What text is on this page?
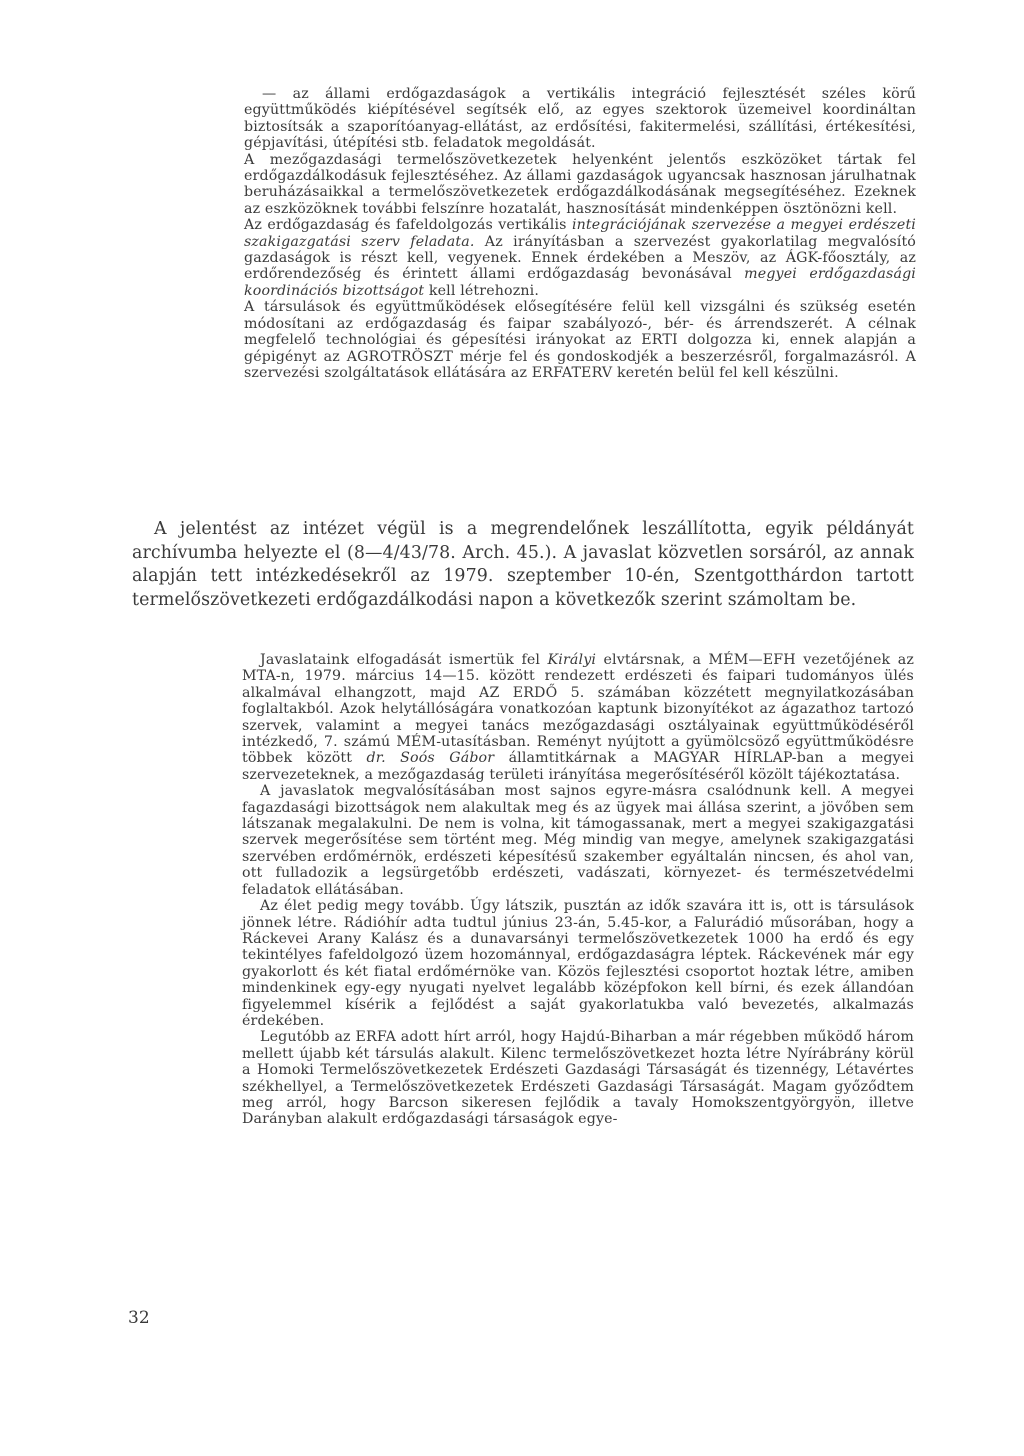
— az állami erdőgazdaságok a vertikális integráció fejlesztését széles körű együttműködés kiépítésével segítsék elő, az egyes szektorok üzemeivel koordináltan biztosítsák a szaporítóanyag-ellátást, az erdősítési, fakitermelési, szállítási, értékesítési, gépjavítási, útépítési stb. feladatok megoldását.

A mezőgazdasági termelőszövetkezetek helyenként jelentős eszközöket tártak fel erdőgazdálkodásuk fejlesztéséhez. Az állami gazdaságok ugyancsak hasznosan járulhatnak beruházásaikkal a termelőszövetkezetek erdőgazdálkodásának megsegítéséhez. Ezeknek az eszközöknek további felszínre hozatalát, hasznosítását mindenképpen ösztönözni kell.

Az erdőgazdaság és fafeldolgozás vertikális integrációjának szervezése a megyei erdészeti szakigazgatási szerv feladata. Az irányításban a szervezést gyakorlatilag megvalósító gazdaságok is részt kell, vegyenek. Ennek érdekében a Meszöv, az ÁGK-főosztály, az erdőrendezőség és érintett állami erdőgazdaság bevonásával megyei erdőgazdasági koordinációs bizottságot kell létrehozni.

A társulások és együttműködések elősegítésére felül kell vizsgálni és szükség esetén módosítani az erdőgazdaság és faipar szabályozó-, bér- és árrendszerét. A célnak megfelelő technológiai és gépesítési irányokat az ERTI dolgozza ki, ennek alapján a gépigényt az AGROTRÖSZT mérje fel és gondoskodjék a beszerzésről, forgalmazásról. A szervezési szolgáltatások ellátására az ERFATERV keretén belül fel kell készülni.

A jelentést az intézet végül is a megrendelőnek leszállította, egyik példányát archívumba helyezte el (8—4/43/78. Arch. 45.). A javaslat közvetlen sorsáról, az annak alapján tett intézkedésekről az 1979. szeptember 10-én, Szentgotthárdon tartott termelőszövetkezeti erdőgazdálkodási napon a következők szerint számoltam be.

Javaslataink elfogadását ismertük fel Királyi elvtársnak, a MÉM—EFH vezetőjének az MTA-n, 1979. március 14—15. között rendezett erdészeti és faipari tudományos ülés alkalmával elhangzott, majd AZ ERDŐ 5. számában közzétett megnyilatkozásában foglaltakból. Azok helytállóságára vonatkozóan kaptunk bizonyítékot az ágazathoz tartozó szervek, valamint a megyei tanács mezőgazdasági osztályainak együttműködéséről intézkedő, 7. számú MÉM-utasításban. Reményt nyújtott a gyümölcsöző együttműködésre többek között dr. Soós Gábor államtitkárnak a MAGYAR HÍRLAP-ban a megyei szervezeteknek, a mezőgazdaság területi irányítása megerősítéséről közölt tájékoztatása.

A javaslatok megvalósításában most sajnos egyre-másra csalódnunk kell. A megyei fagazdasági bizottságok nem alakultak meg és az ügyek mai állása szerint, a jövőben sem látszanak megalakulni. De nem is volna, kit támogassanak, mert a megyei szakigazgatási szervek megerősítése sem történt meg. Még mindig van megye, amelynek szakigazgatási szervében erdőmérnök, erdészeti képesítésű szakember egyáltalán nincsen, és ahol van, ott fulladozik a legsürgetőbb erdészeti, vadászati, környezet- és természetvédelmi feladatok ellátásában.

Az élet pedig megy tovább. Úgy látszik, pusztán az idők szavára itt is, ott is társulások jönnek létre. Rádióhír adta tudtul június 23-án, 5.45-kor, a Falurádió műsorában, hogy a Ráckevei Arany Kalász és a dunavarsányi termelőszövetkezetek 1000 ha erdő és egy tekintélyes fafeldolgozó üzem hozománnyal, erdőgazdaságra léptek. Ráckevének már egy gyakorlott és két fiatal erdőmérnöke van. Közös fejlesztési csoportot hoztak létre, amiben mindenkinek egy-egy nyugati nyelvet legalább középfokon kell bírni, és ezek állandóan figyelemmel kísérik a fejlődést a saját gyakorlatukba való bevezetés, alkalmazás érdekében.

Legutóbb az ERFA adott hírt arról, hogy Hajdú-Biharban a már régebben működő három mellett újabb két társulás alakult. Kilenc termelőszövetkezet hozta létre Nyírábrány körül a Homoki Termelőszövetkezetek Erdészeti Gazdasági Társaságát és tizennégy, Létavértes székhellyel, a Termelőszövetkezetek Erdészeti Gazdasági Társaságát. Magam győződtem meg arról, hogy Barcson sikeresen fejlődik a tavaly Homokszentgyörgyön, illetve Darányban alakult erdőgazdasági társaságok egye-

32
